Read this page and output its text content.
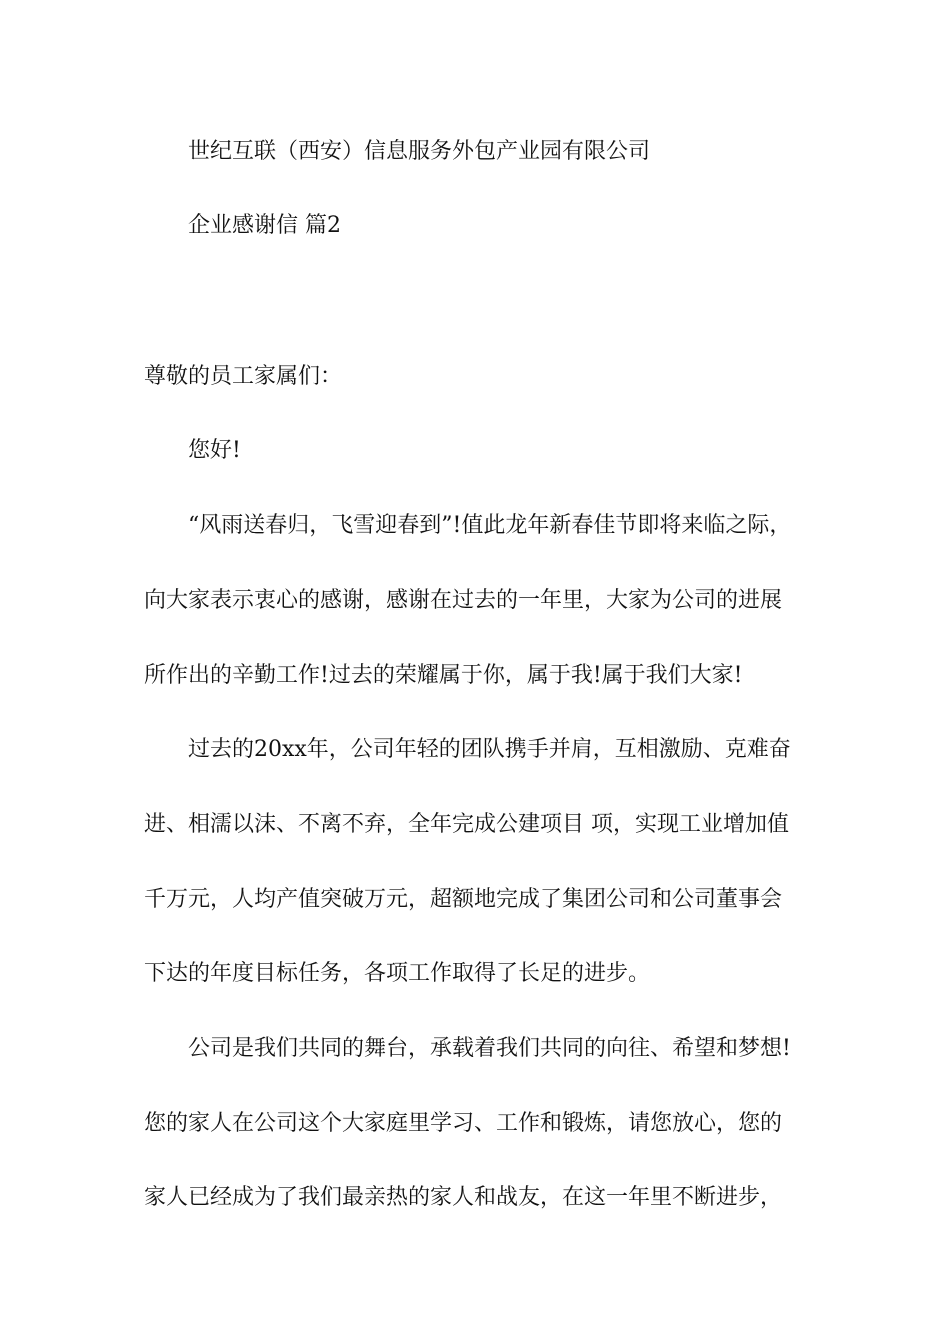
世纪互联（西安）信息服务外包产业园有限公司
企业感谢信 篇2
尊敬的员工家属们：
您好!
“风雨送春归，飞雪迎春到”!值此龙年新春佳节即将来临之际，
向大家表示衷心的感谢，感谢在过去的一年里，大家为公司的进展
所作出的辛勤工作!过去的荣耀属于你，属于我!属于我们大家!
过去的20xx年，公司年轻的团队携手并肩，互相激励、克难奋
进、相濡以沫、不离不弃，全年完成公建项目 项，实现工业增加值
千万元，人均产值突破万元，超额地完成了集团公司和公司董事会
下达的年度目标任务，各项工作取得了长足的进步。
公司是我们共同的舞台，承载着我们共同的向往、希望和梦想!
您的家人在公司这个大家庭里学习、工作和锻炼，请您放心，您的
家人已经成为了我们最亲热的家人和战友，在这一年里不断进步，
